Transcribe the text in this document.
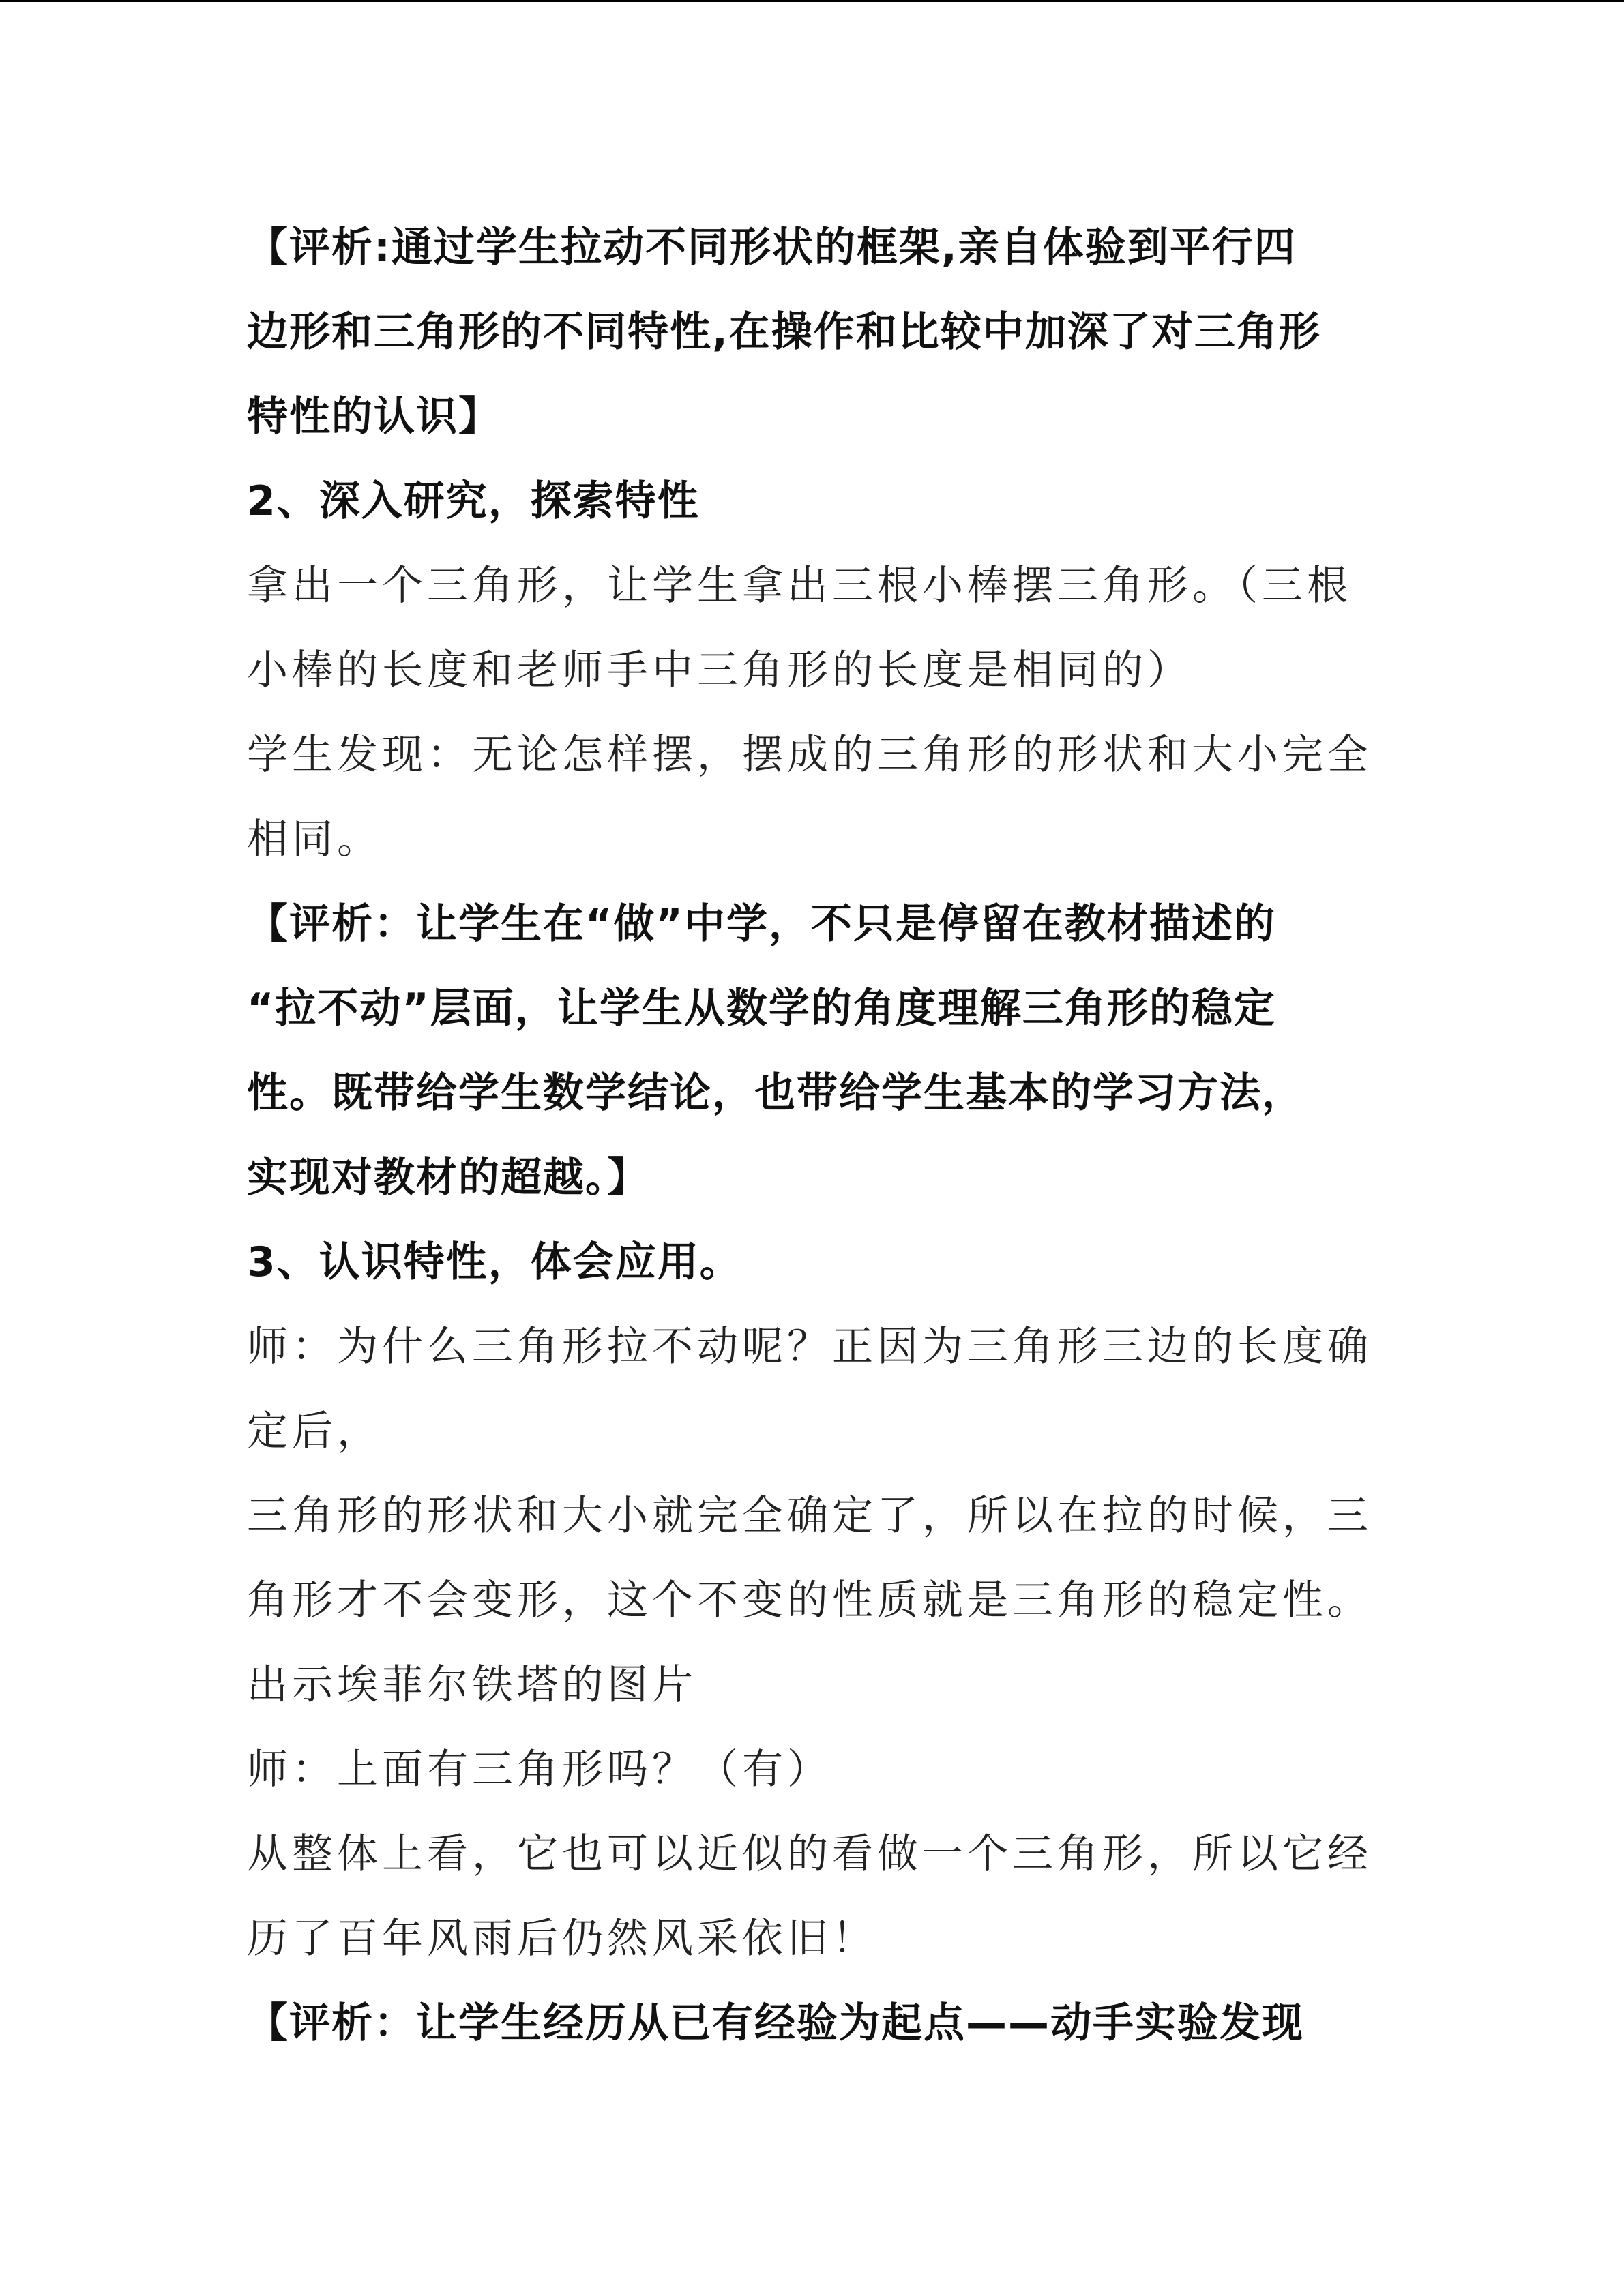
【评析:通过学生拉动不同形状的框架,亲自体验到平行四
边形和三角形的不同特性,在操作和比较中加深了对三角形
特性的认识】
2、深入研究，探索特性
拿出一个三角形，让学生拿出三根小棒摆三角形。（三根
小棒的长度和老师手中三角形的长度是相同的）
学生发现：无论怎样摆，摆成的三角形的形状和大小完全
相同。
【评析：让学生在“做”中学，不只是停留在教材描述的
“拉不动”层面，让学生从数学的角度理解三角形的稳定
性。既带给学生数学结论，也带给学生基本的学习方法，
实现对教材的超越。】
3、认识特性，体会应用。
师：为什么三角形拉不动呢？正因为三角形三边的长度确
定后，
三角形的形状和大小就完全确定了，所以在拉的时候，三
角形才不会变形，这个不变的性质就是三角形的稳定性。
出示埃菲尔铁塔的图片
师：上面有三角形吗？（有）
从整体上看，它也可以近似的看做一个三角形，所以它经
历了百年风雨后仍然风采依旧！
【评析：让学生经历从已有经验为起点——动手实验发现
